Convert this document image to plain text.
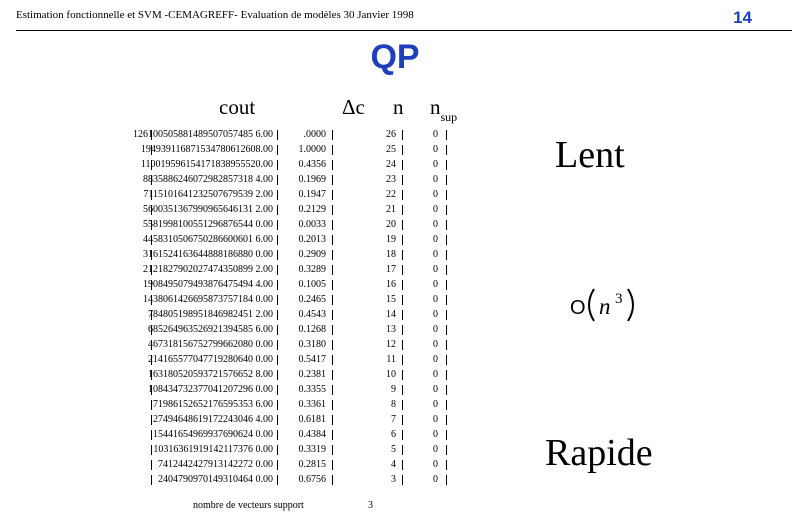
Estimation fonctionnelle et SVM -CEMAGREFF- Evaluation de modèles 30 Janvier 1998	14
QP
cout	Δc n $n_{sup}$
126100505881489507057485 6.00	.0000	26	0
194939116871534780612608.00	1.0000	25	0
110019596154171838955520.00	0.4356	24	0
8835886246072982857318 4.00	0.1969	23	0
7115101641232507679539 2.00	0.1947	22	0
5600351367990965646131 2.00	0.2129	21	0
5581998100551296876544 0.00	0.0033	20	0
4458310506750286600601 6.00	0.2013	19	0
3161524163644888186880 0.00	0.2909	18	0
2121827902027474350899 2.00	0.3289	17	0
1908495079493876475494 4.00	0.1005	16	0
1438061426695873757184 0.00	0.2465	15	0
784805198951846982451 2.00	0.4543	14	0
685264963526921394585 6.00	0.1268	13	0
467318156752799662080 0.00	0.3180	12	0
214165577047719280640 0.00	0.5417	11	0
163180520593721576652 8.00	0.2381	10	0
108434732377041207296 0.00	0.3355	9	0
71986152652176595353 6.00	0.3361	8	0
27494648619172243046 4.00	0.6181	7	0
15441654969937690624 0.00	0.4384	6	0
10316361919142117376 0.00	0.3319	5	0
7412442427913142272 0.00	0.2815	4	0
2404790970149310464 0.00	0.6756	3	0
nombre de vecteurs support	3
Lent
Rapide
O n 3
